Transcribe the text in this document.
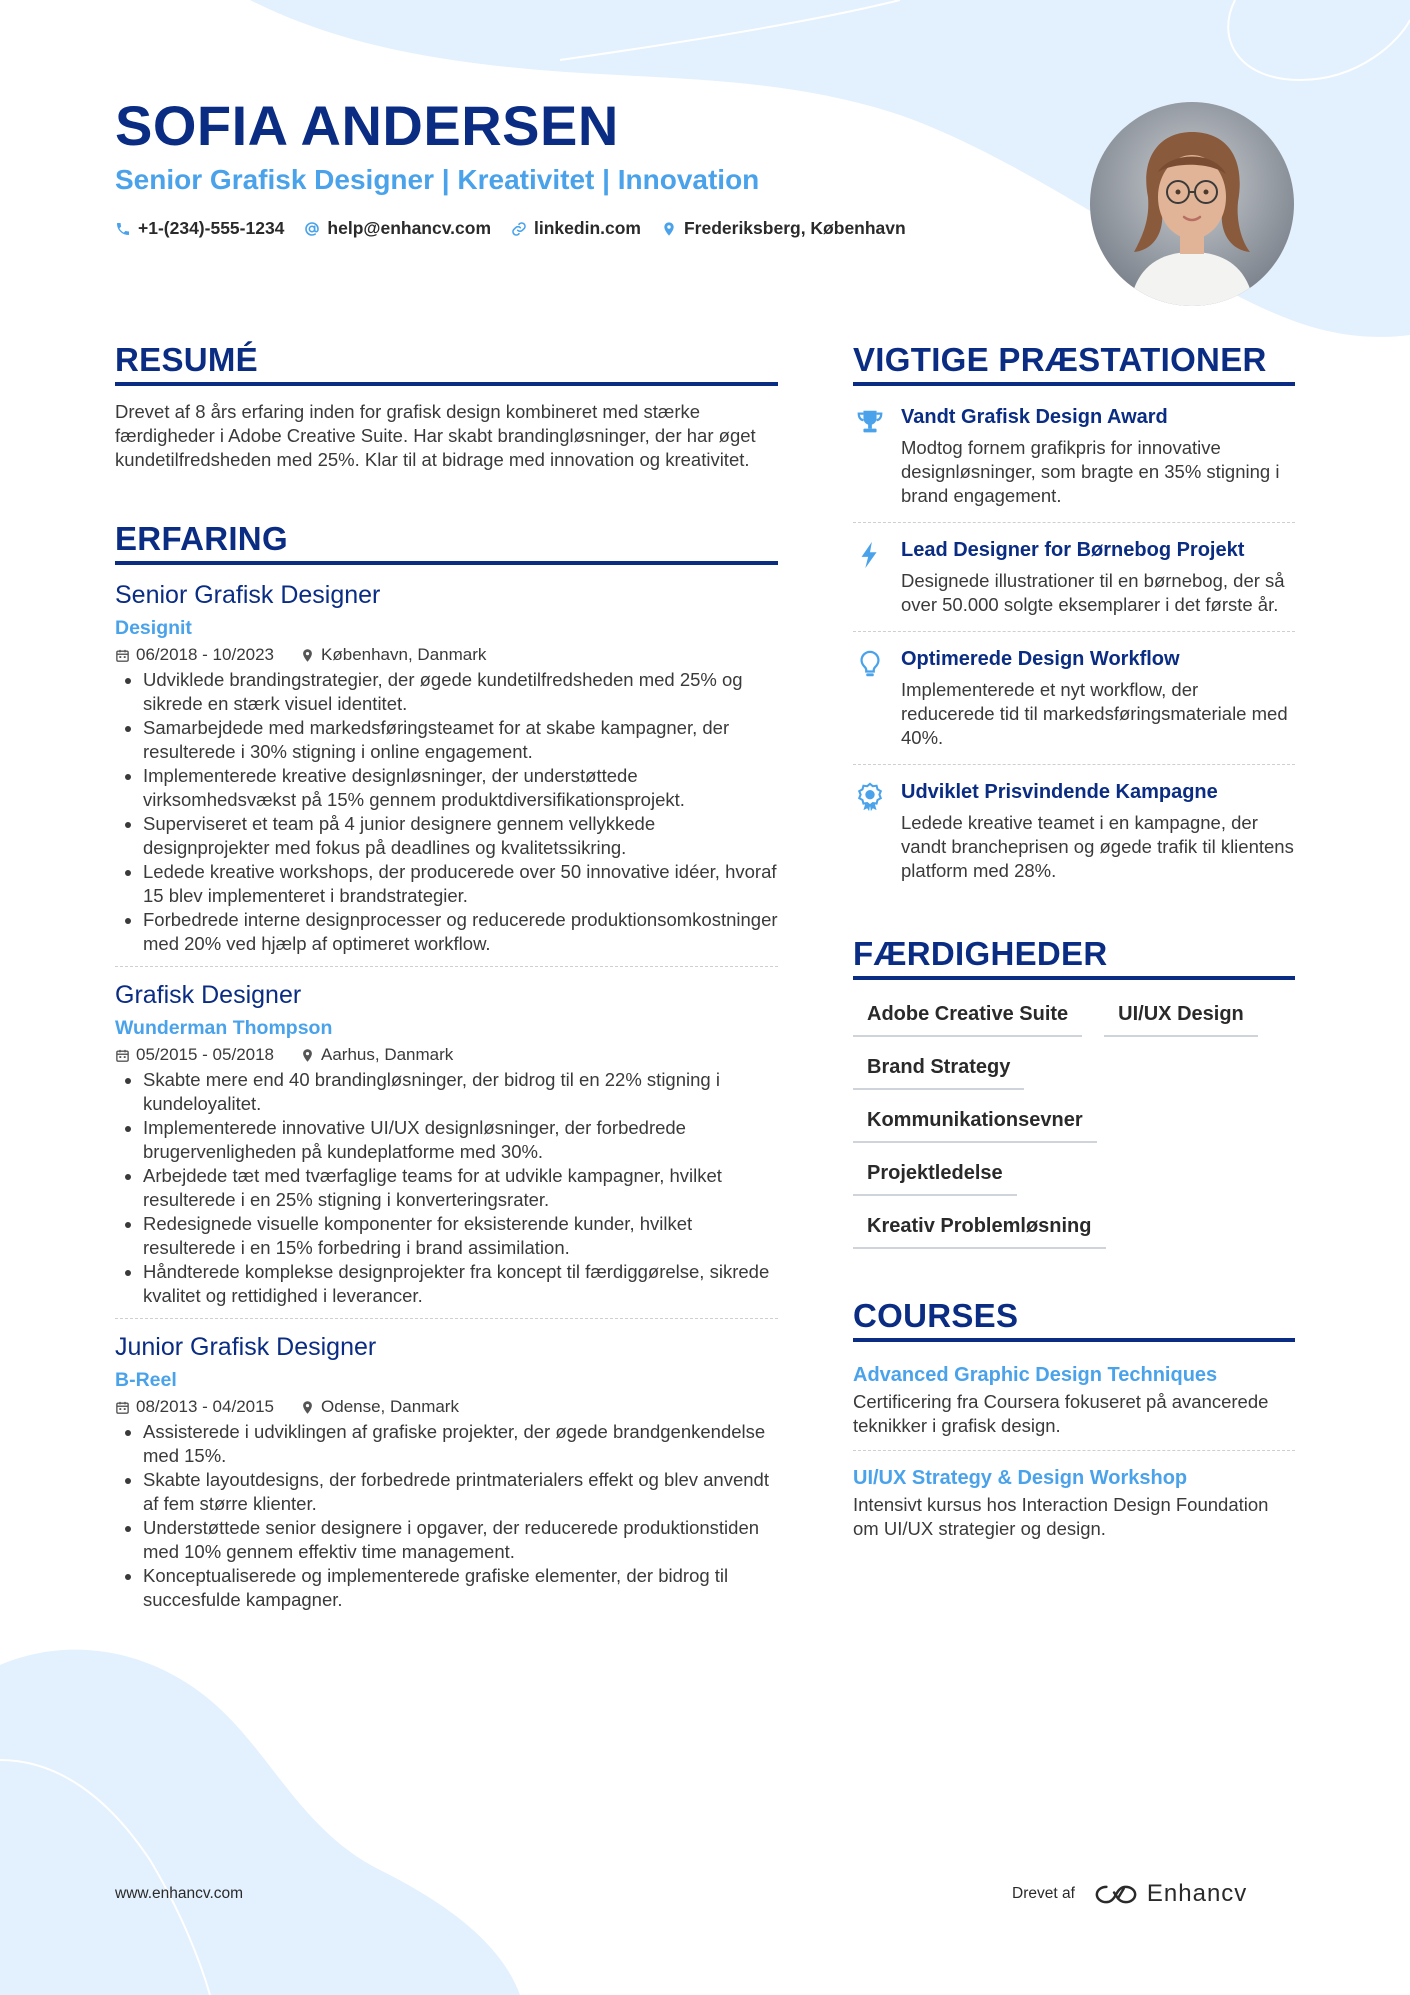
SOFIA ANDERSEN
Senior Grafisk Designer | Kreativitet | Innovation
+1-(234)-555-1234 help@enhancv.com linkedin.com Frederiksberg, København
RESUMÉ

Drevet af 8 års erfaring inden for grafisk design kombineret med stærke færdigheder i Adobe Creative Suite. Har skabt brandingløsninger, der har øget kundetilfredsheden med 25%. Klar til at bidrage med innovation og kreativitet.

ERFARING
Senior Grafisk Designer
Designit
06/2018 - 10/2023	København, Danmark
• Udviklede brandingstrategier, der øgede kundetilfredsheden med 25% og sikrede en stærk visuel identitet.
• Samarbejdede med markedsføringsteamet for at skabe kampagner, der resulterede i 30% stigning i online engagement.
• Implementerede kreative designløsninger, der understøttede virksomhedsvækst på 15% gennem produktdiversifikationsprojekt.
• Superviseret et team på 4 junior designere gennem vellykkede designprojekter med fokus på deadlines og kvalitetssikring.
• Ledede kreative workshops, der producerede over 50 innovative idéer, hvoraf 15 blev implementeret i brandstrategier.
• Forbedrede interne designprocesser og reducerede produktionsomkostninger med 20% ved hjælp af optimeret workflow.
Grafisk Designer
Wunderman Thompson
05/2015 - 05/2018	Aarhus, Danmark
• Skabte mere end 40 brandingløsninger, der bidrog til en 22% stigning i kundeloyalitet.
• Implementerede innovative UI/UX designløsninger, der forbedrede brugervenligheden på kundeplatforme med 30%.
• Arbejdede tæt med tværfaglige teams for at udvikle kampagner, hvilket resulterede i en 25% stigning i konverteringsrater.
• Redesignede visuelle komponenter for eksisterende kunder, hvilket resulterede i en 15% forbedring i brand assimilation.
• Håndterede komplekse designprojekter fra koncept til færdiggørelse, sikrede kvalitet og rettidighed i leverancer.
Junior Grafisk Designer
B-Reel
08/2013 - 04/2015	Odense, Danmark
• Assisterede i udviklingen af grafiske projekter, der øgede brandgenkendelse med 15%.
• Skabte layoutdesigns, der forbedrede printmaterialers effekt og blev anvendt af fem større klienter.
• Understøttede senior designere i opgaver, der reducerede produktionstiden med 10% gennem effektiv time management.
• Konceptualiserede og implementerede grafiske elementer, der bidrog til succesfulde kampagner.
VIGTIGE PRÆSTATIONER
Vandt Grafisk Design Award
Modtog fornem grafikpris for innovative designløsninger, som bragte en 35% stigning i brand engagement.
Lead Designer for Børnebog Projekt
Designede illustrationer til en børnebog, der så over 50.000 solgte eksemplarer i det første år.
Optimerede Design Workflow
Implementerede et nyt workflow, der reducerede tid til markedsføringsmateriale med 40%.
Udviklet Prisvindende Kampagne
Ledede kreative teamet i en kampagne, der vandt brancheprisen og øgede trafik til klientens platform med 28%.
FÆRDIGHEDER
Adobe Creative Suite	UI/UX Design
Brand Strategy
Kommunikationsevner
Projektledelse
Kreativ Problemløsning
COURSES
Advanced Graphic Design Techniques
Certificering fra Coursera fokuseret på avancerede teknikker i grafisk design.
UI/UX Strategy & Design Workshop
Intensivt kursus hos Interaction Design Foundation om UI/UX strategier og design.
www.enhancv.com	Drevet af	Enhancv
